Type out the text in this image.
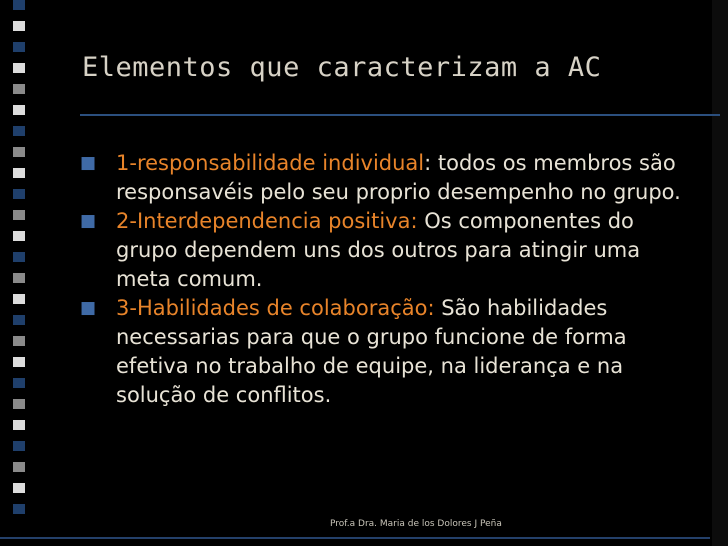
Elementos que caracterizam a AC
■ 1-responsabilidade individual: todos os membros são responsavéis pelo seu proprio desempenho no grupo.
■ 2-Interdependencia positiva: Os componentes do grupo dependem uns dos outros para atingir uma meta comum.
■ 3-Habilidades de colaboração: São habilidades necessarias para que o grupo funcione de forma efetiva no trabalho de equipe, na liderança e na solução de conflitos.
Prof.a Dra. Maria de los Dolores J Peña
